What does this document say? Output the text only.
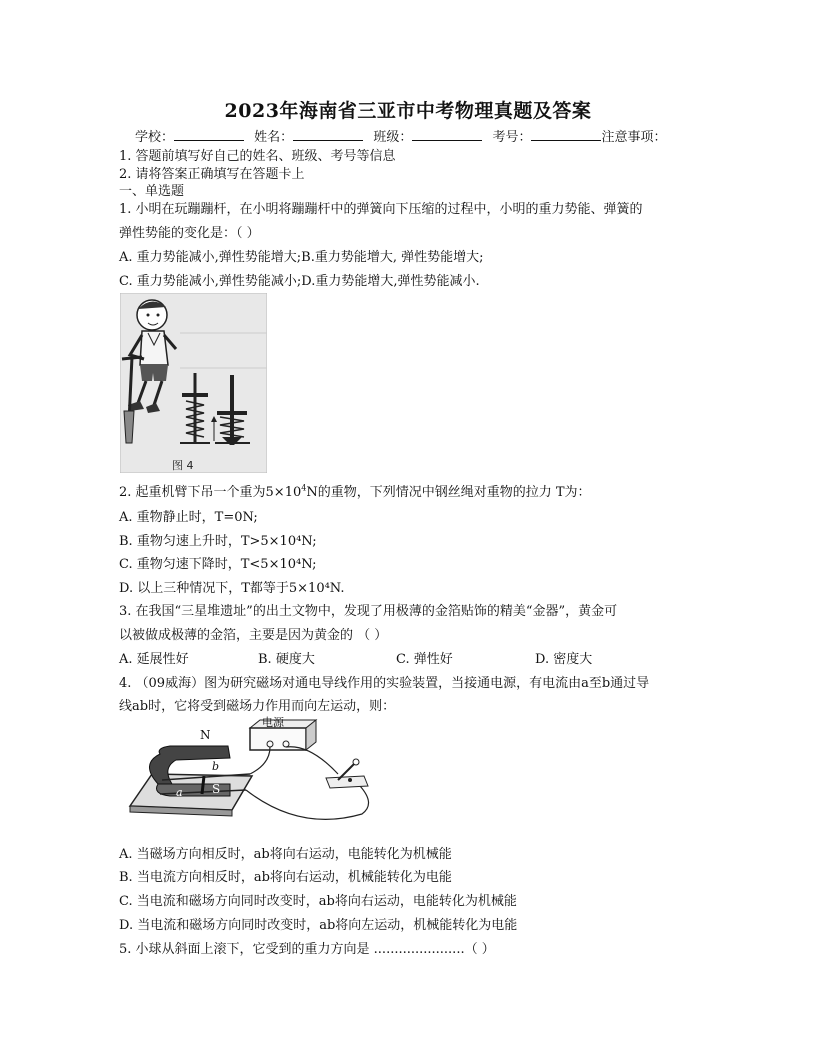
2023年海南省三亚市中考物理真题及答案
学校：	姓名：	班级：	考号：	注意事项：
1. 答题前填写好自己的姓名、班级、考号等信息
2. 请将答案正确填写在答题卡上
一、单选题
1. 小明在玩蹦蹦杆，在小明将蹦蹦杆中的弹簧向下压缩的过程中，小明的重力势能、弹簧的
弹性势能的变化是：（ ）
A. 重力势能减小,弹性势能增大;B.重力势能增大, 弹性势能增大;
C. 重力势能减小,弹性势能减小;D.重力势能增大,弹性势能减小.
图 4
2. 起重机臂下吊一个重为$5\times 10^4N$的重物，下列情况中钢丝绳对重物的拉力 T为：
A. 重物静止时，T=0N;
B. 重物匀速上升时，T>5×10⁴N;
C. 重物匀速下降时，T<5×10⁴N;
D. 以上三种情况下，T都等于5×10⁴N.
3. 在我国“三星堆遗址”的出土文物中，发现了用极薄的金箔贴饰的精美“金器”，黄金可
以被做成极薄的金箔，主要是因为黄金的 （ ）
A. 延展性好	B. 硬度大	C. 弹性好	D. 密度大
4. （09威海）图为研究磁场对通电导线作用的实验装置，当接通电源，有电流由a至b通过导
线ab时，它将受到磁场力作用而向左运动，则：
电源
N
S
a
b
A. 当磁场方向相反时，ab将向右运动，电能转化为机械能
B. 当电流方向相反时，ab将向右运动，机械能转化为电能
C. 当电流和磁场方向同时改变时，ab将向右运动，电能转化为机械能
D. 当电流和磁场方向同时改变时，ab将向左运动，机械能转化为电能
5. 小球从斜面上滚下，它受到的重力方向是 ......................（ ）
